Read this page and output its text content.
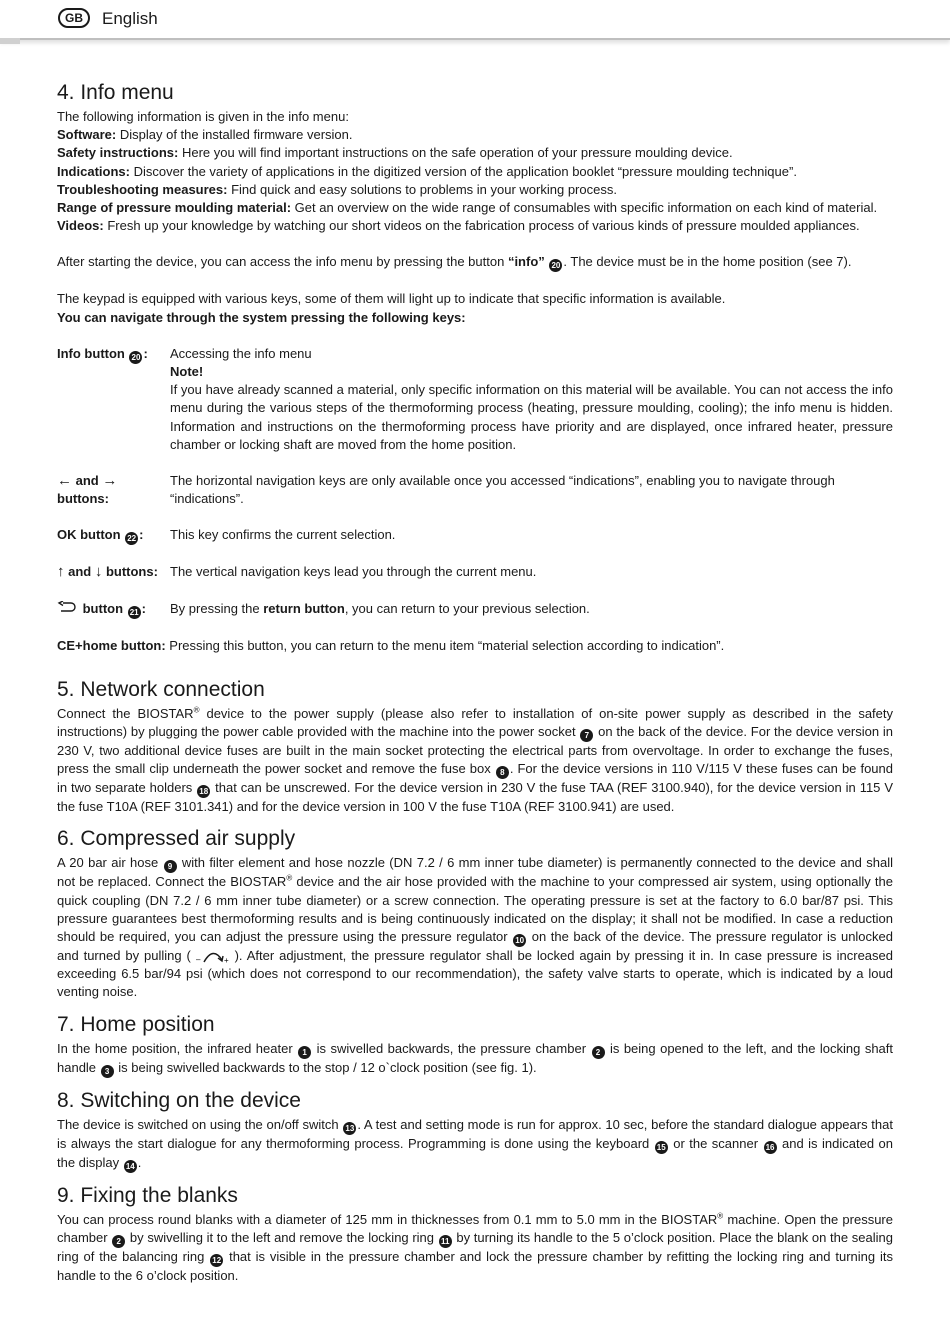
GB	English
4. Info menu

The following information is given in the info menu:

Software: Display of the installed firmware version.

Safety instructions: Here you will find important instructions on the safe operation of your pressure moulding device.

Indications: Discover the variety of applications in the digitized version of the application booklet “pressure moulding technique”.

Troubleshooting measures: Find quick and easy solutions to problems in your working process.

Range of pressure moulding material: Get an overview on the wide range of consumables with specific information on each kind of material.

Videos: Fresh up your knowledge by watching our short videos on the fabrication process of various kinds of pressure moulded appliances.

After starting the device, you can access the info menu by pressing the button “info” 20 . The device must be in the home position (see 7).

The keypad is equipped with various keys, some of them will light up to indicate that specific information is available.

You can navigate through the system pressing the following keys:

Info button 20 :	Accessing the info menu

Note!

If you have already scanned a material, only specific information on this material will be available. You can not access the info menu during the various steps of the thermoforming process (heating, pressure moulding, cooling); the info menu is hidden. Information and instructions on the thermoforming process have priority and are displayed, once infrared heater, pressure chamber or locking shaft are moved from the home position.

← and → buttons:
The horizontal navigation keys are only available once you accessed “indications”, enabling you to navigate through “indications”.
OK button 22 :	This key confirms the current selection.
↑ and ↓ buttons: The vertical navigation keys lead you through the current menu.
button 21 :	By pressing the return button, you can return to your previous selection.

CE+home button: Pressing this button, you can return to the menu item “material selection according to indication”.

5. Network connection

Connect the BIOSTAR® device to the power supply (please also refer to installation of on-site power supply as described in the safety instructions) by plugging the power cable provided with the machine into the power socket 7 on the back of the device. For the device version in 230 V, two additional device fuses are built in the main socket protecting the electrical parts from overvoltage. In order to exchange the fuses, press the small clip underneath the power socket and remove the fuse box 8 . For the device versions in 110 V/115 V these fuses can be found in two separate holders 18 that can be unscrewed. For the device version in 230 V the fuse TAA (REF 3100.940), for the device version in 115 V the fuse T10A (REF 3101.341) and for the device version in 100 V the fuse T10A (REF 3100.941) are used.

6. Compressed air supply

A 20 bar air hose 9 with filter element and hose nozzle (DN 7.2 / 6 mm inner tube diameter) is permanently connected to the device and shall not be replaced. Connect the BIOSTAR® device and the air hose provided with the machine to your compressed air system, using optionally the quick coupling (DN 7.2 / 6 mm inner tube diameter) or a screw connection. The operating pressure is set at the factory to 6.0 bar/87 psi. This pressure guarantees best thermoforming results and is being continuously indicated on the display; it shall not be modified. In case a reduction should be required, you can adjust the pressure using the pressure regulator 10 on the back of the device. The pressure regulator is unlocked and turned by pulling ( –	+ ). After adjustment, the pressure regulator shall be locked again by pressing it in. In case pressure is increased exceeding 6.5 bar/94 psi (which does not correspond to our recommendation), the safety valve starts to operate, which is indicated by a loud venting noise.

7. Home position

In the home position, the infrared heater 1 is swivelled backwards, the pressure chamber 2 is being opened to the left, and the locking shaft handle 3 is being swivelled backwards to the stop / 12 o`clock position (see fig. 1).

8. Switching on the device

The device is switched on using the on/off switch 13 . A test and setting mode is run for approx. 10 sec, before the standard dialogue appears that is always the start dialogue for any thermoforming process. Programming is done using the keyboard 15 or the scanner 16 and is indicated on the display 14 .

9. Fixing the blanks

You can process round blanks with a diameter of 125 mm in thicknesses from 0.1 mm to 5.0 mm in the BIOSTAR® machine. Open the pressure chamber 2 by swivelling it to the left and remove the locking ring 11 by turning its handle to the 5 o’clock position. Place the blank on the sealing ring of the balancing ring 12 that is visible in the pressure chamber and lock the pressure chamber by refitting the locking ring and turning its handle to the 6 o’clock position.
